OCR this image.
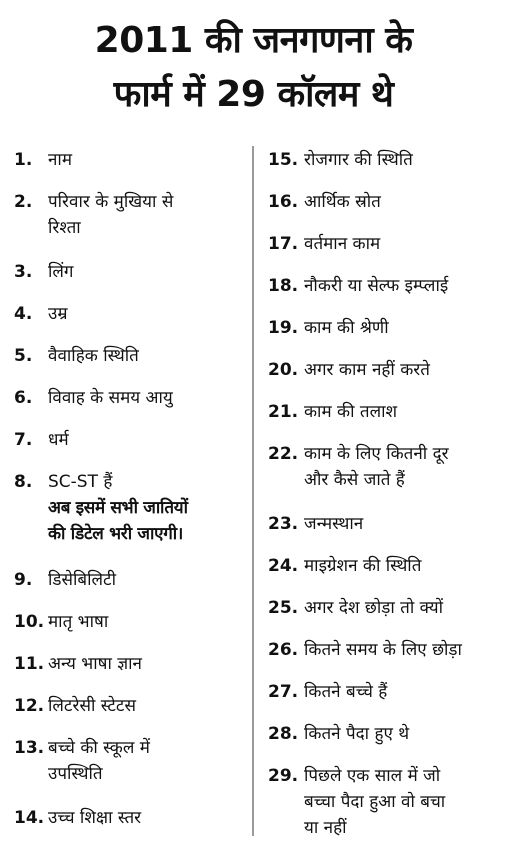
2011 की जनगणना के
फार्म में 29 कॉलम थे
1. नाम
2. परिवार के मुखिया से
रिश्ता
3. लिंग
4. उम्र
5. वैवाहिक स्थिति
6. विवाह के समय आयु
7. धर्म
8. SC-ST हैं
अब इसमें सभी जातियों
की डिटेल भरी जाएगी।
9. डिसेबिलिटी
10. मातृ भाषा
11. अन्य भाषा ज्ञान
12. लिटरेसी स्टेटस
13. बच्चे की स्कूल में
उपस्थिति
14. उच्च शिक्षा स्तर
15. रोजगार की स्थिति
16. आर्थिक स्रोत
17. वर्तमान काम
18. नौकरी या सेल्फ इम्प्लाई
19. काम की श्रेणी
20. अगर काम नहीं करते
21. काम की तलाश
22. काम के लिए कितनी दूर
और कैसे जाते हैं
23. जन्मस्थान
24. माइग्रेशन की स्थिति
25. अगर देश छोड़ा तो क्यों
26. कितने समय के लिए छोड़ा
27. कितने बच्चे हैं
28. कितने पैदा हुए थे
29. पिछले एक साल में जो
बच्चा पैदा हुआ वो बचा
या नहीं
